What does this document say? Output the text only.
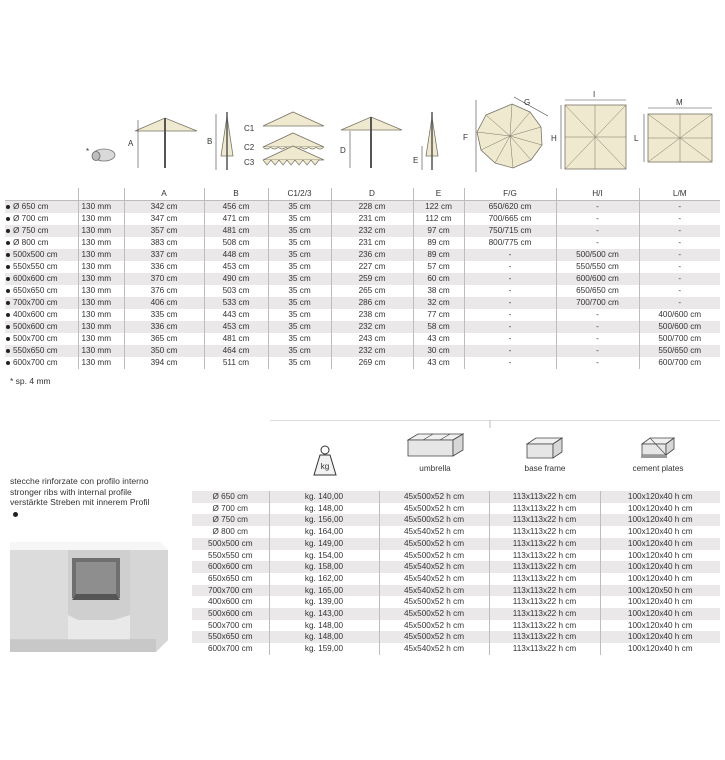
*
A	B
C1
C2
C3
D
E
F
G
I
H
M
L
		A	B	C1/2/3	D	E	F/G	H/I	L/M
Ø 650 cm	130 mm	342 cm	456 cm	35 cm	228 cm	122 cm	650/620 cm	-	-
Ø 700 cm	130 mm	347 cm	471 cm	35 cm	231 cm	112 cm	700/665 cm	-	-
Ø 750 cm	130 mm	357 cm	481 cm	35 cm	232 cm	97 cm	750/715 cm	-	-
Ø 800 cm	130 mm	383 cm	508 cm	35 cm	231 cm	89 cm	800/775 cm	-	-
500x500 cm	130 mm	337 cm	448 cm	35 cm	236 cm	89 cm	-	500/500 cm	-
550x550 cm	130 mm	336 cm	453 cm	35 cm	227 cm	57 cm	-	550/550 cm	-
600x600 cm	130 mm	370 cm	490 cm	35 cm	259 cm	60 cm	-	600/600 cm	-
650x650 cm	130 mm	376 cm	503 cm	35 cm	265 cm	38 cm	-	650/650 cm	-
700x700 cm	130 mm	406 cm	533 cm	35 cm	286 cm	32 cm	-	700/700 cm	-
400x600 cm	130 mm	335 cm	443 cm	35 cm	238 cm	77 cm	-	-	400/600 cm
500x600 cm	130 mm	336 cm	453 cm	35 cm	232 cm	58 cm	-	-	500/600 cm
500x700 cm	130 mm	365 cm	481 cm	35 cm	243 cm	43 cm	-	-	500/700 cm
550x650 cm	130 mm	350 cm	464 cm	35 cm	232 cm	30 cm	-	-	550/650 cm
600x700 cm	130 mm	394 cm	511 cm	35 cm	269 cm	43 cm	-	-	600/700 cm
* sp. 4 mm
stecche rinforzate con profilo interno
stronger ribs with internal profile
verstärkte Streben mit innerem Profil
kg	umbrella	base frame	cement plates
Ø 650 cm	kg. 140,00	45x500x52 h cm	113x113x22 h cm	100x120x40 h cm
Ø 700 cm	kg. 148,00	45x500x52 h cm	113x113x22 h cm	100x120x40 h cm
Ø 750 cm	kg. 156,00	45x500x52 h cm	113x113x22 h cm	100x120x40 h cm
Ø 800 cm	kg. 164,00	45x540x52 h cm	113x113x22 h cm	100x120x40 h cm
500x500 cm	kg. 149,00	45x500x52 h cm	113x113x22 h cm	100x120x40 h cm
550x550 cm	kg. 154,00	45x500x52 h cm	113x113x22 h cm	100x120x40 h cm
600x600 cm	kg. 158,00	45x540x52 h cm	113x113x22 h cm	100x120x40 h cm
650x650 cm	kg. 162,00	45x540x52 h cm	113x113x22 h cm	100x120x40 h cm
700x700 cm	kg. 165,00	45x540x52 h cm	113x113x22 h cm	100x120x50 h cm
400x600 cm	kg. 139,00	45x500x52 h cm	113x113x22 h cm	100x120x40 h cm
500x600 cm	kg. 143,00	45x500x52 h cm	113x113x22 h cm	100x120x40 h cm
500x700 cm	kg. 148,00	45x500x52 h cm	113x113x22 h cm	100x120x40 h cm
550x650 cm	kg. 148,00	45x500x52 h cm	113x113x22 h cm	100x120x40 h cm
600x700 cm	kg. 159,00	45x540x52 h cm	113x113x22 h cm	100x120x40 h cm
